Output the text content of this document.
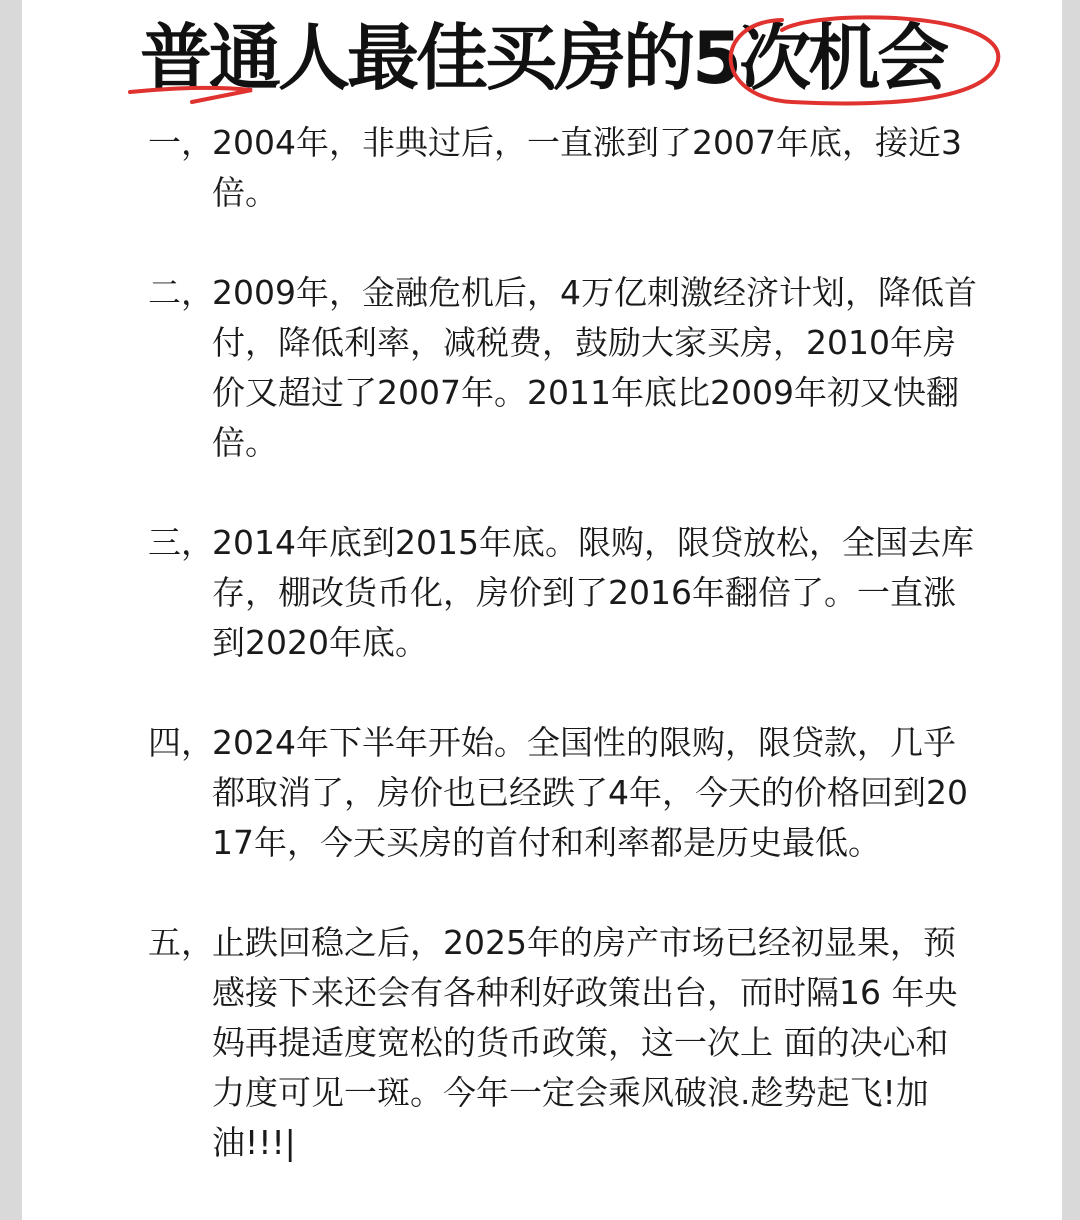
普通人最佳买房的5次机会
一，
2004年，非典过后，一直涨到了2007年底，接近3倍。
二，
2009年，金融危机后，4万亿刺激经济计划，降低首付，降低利率，减税费，鼓励大家买房，2010年房价又超过了2007年。2011年底比2009年初又快翻倍。
三，
2014年底到2015年底。限购，限贷放松，全国去库存，棚改货币化，房价到了2016年翻倍了。一直涨到2020年底。
四，
2024年下半年开始。全国性的限购，限贷款，几乎都取消了，房价也已经跌了4年，今天的价格回到2017年，今天买房的首付和利率都是历史最低。
五，
止跌回稳之后，2025年的房产市场已经初显果，预感接下来还会有各种利好政策出台，而时隔16 年央妈再提适度宽松的货币政策，这一次上 面的决心和力度可见一斑。今年一定会乘风破浪.趁势起飞!加油!!!|
